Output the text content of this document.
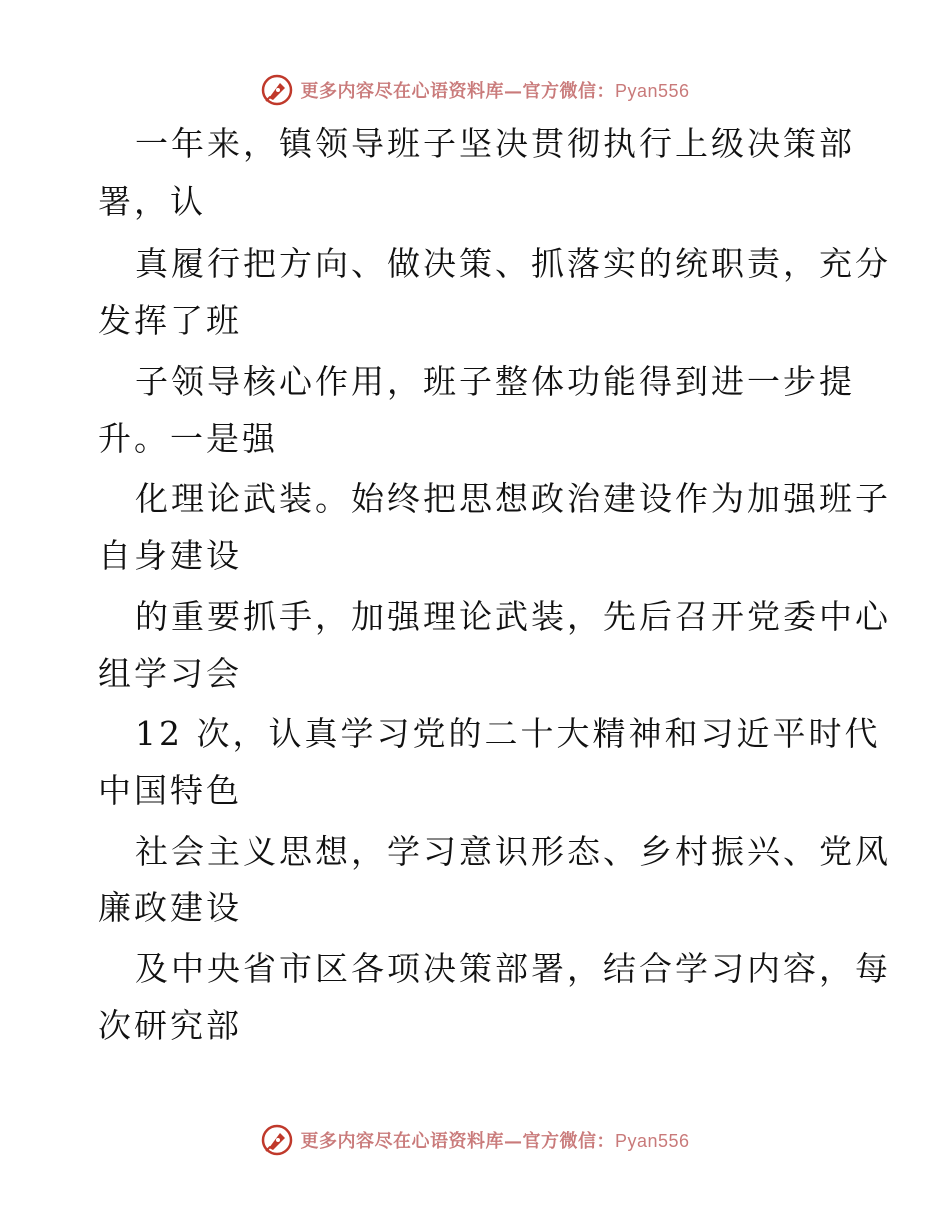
更多内容尽在心语资料库—官方微信：Pyan556
一年来，镇领导班子坚决贯彻执行上级决策部
署，认
真履行把方向、做决策、抓落实的统职责，充分
发挥了班
子领导核心作用，班子整体功能得到进一步提
升。一是强
化理论武装。始终把思想政治建设作为加强班子
自身建设
的重要抓手，加强理论武装，先后召开党委中心
组学习会
12 次，认真学习党的二十大精神和习近平时代
中国特色
社会主义思想，学习意识形态、乡村振兴、党风
廉政建设
及中央省市区各项决策部署，结合学习内容，每
次研究部
更多内容尽在心语资料库—官方微信：Pyan556
